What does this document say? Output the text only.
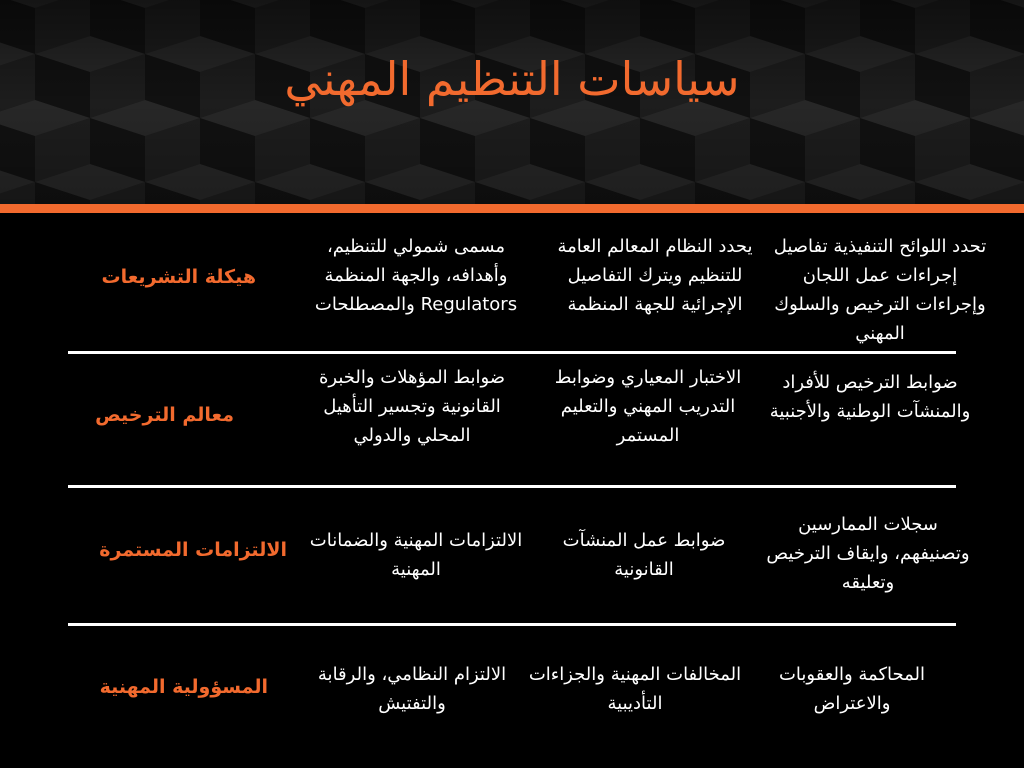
سياسات التنظيم المهني
هيكلة التشريعات
مسمى شمولي للتنظيم، وأهدافه، والجهة المنظمة Regulators والمصطلحات
يحدد النظام المعالم العامة للتنظيم ويترك التفاصيل الإجرائية للجهة المنظمة
تحدد اللوائح التنفيذية تفاصيل إجراءات عمل اللجان وإجراءات الترخيص والسلوك المهني
معالم الترخيص
ضوابط المؤهلات والخبرة القانونية وتجسير التأهيل المحلي والدولي
الاختبار المعياري وضوابط التدريب المهني والتعليم المستمر
ضوابط الترخيص للأفراد والمنشآت الوطنية والأجنبية
الالتزامات المستمرة الالتزامات المهنية والضمانات المهنية
ضوابط عمل المنشآت القانونية
سجلات الممارسين وتصنيفهم، وايقاف الترخيص وتعليقه
المسؤولية المهنية
الالتزام النظامي، والرقابة والتفتيش
المخالفات المهنية والجزاءات التأديبية
المحاكمة والعقوبات والاعتراض
